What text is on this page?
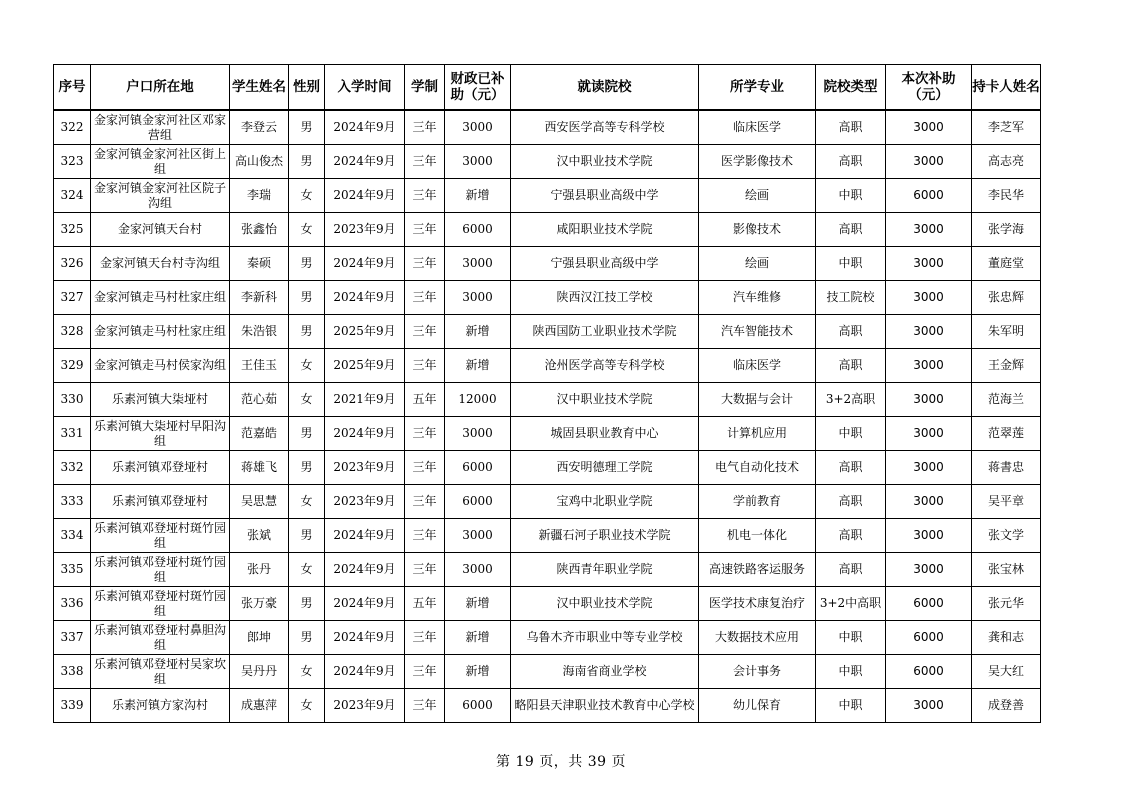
序号	户口所在地	学生姓名	性别	入学时间	学制	财政已补助（元）	就读院校	所学专业	院校类型	本次补助（元）	持卡人姓名
322	金家河镇金家河社区邓家营组	李登云	男	2024年9月	三年	3000	西安医学高等专科学校	临床医学	高职	3000	李芝军
323	金家河镇金家河社区街上组	高山俊杰	男	2024年9月	三年	3000	汉中职业技术学院	医学影像技术	高职	3000	高志亮
324	金家河镇金家河社区院子沟组	李瑞	女	2024年9月	三年	新增	宁强县职业高级中学	绘画	中职	6000	李民华
325	金家河镇天台村	张鑫怡	女	2023年9月	三年	6000	咸阳职业技术学院	影像技术	高职	3000	张学海
326	金家河镇天台村寺沟组	秦硕	男	2024年9月	三年	3000	宁强县职业高级中学	绘画	中职	3000	董庭堂
327	金家河镇走马村杜家庄组	李新科	男	2024年9月	三年	3000	陕西汉江技工学校	汽车维修	技工院校	3000	张忠辉
328	金家河镇走马村杜家庄组	朱浩银	男	2025年9月	三年	新增	陕西国防工业职业技术学院	汽车智能技术	高职	3000	朱军明
329	金家河镇走马村侯家沟组	王佳玉	女	2025年9月	三年	新增	沧州医学高等专科学校	临床医学	高职	3000	王金辉
330	乐素河镇大柒垭村	范心茹	女	2021年9月	五年	12000	汉中职业技术学院	大数据与会计	3+2高职	3000	范海兰
331	乐素河镇大柒垭村早阳沟组	范嘉皓	男	2024年9月	三年	3000	城固县职业教育中心	计算机应用	中职	3000	范翠莲
332	乐素河镇邓登垭村	蒋雄飞	男	2023年9月	三年	6000	西安明德理工学院	电气自动化技术	高职	3000	蒋書忠
333	乐素河镇邓登垭村	吴思慧	女	2023年9月	三年	6000	宝鸡中北职业学院	学前教育	高职	3000	吴平章
334	乐素河镇邓登垭村斑竹园组	张斌	男	2024年9月	三年	3000	新疆石河子职业技术学院	机电一体化	高职	3000	张文学
335	乐素河镇邓登垭村斑竹园组	张丹	女	2024年9月	三年	3000	陕西青年职业学院	高速铁路客运服务	高职	3000	张宝林
336	乐素河镇邓登垭村斑竹园组	张万豪	男	2024年9月	五年	新增	汉中职业技术学院	医学技术康复治疗	3+2中高职	6000	张元华
337	乐素河镇邓登垭村鼻胆沟组	郎坤	男	2024年9月	三年	新增	乌鲁木齐市职业中等专业学校	大数据技术应用	中职	6000	龚和志
338	乐素河镇邓登垭村吴家坎组	吴丹丹	女	2024年9月	三年	新增	海南省商业学校	会计事务	中职	6000	吴大红
339	乐素河镇方家沟村	成惠萍	女	2023年9月	三年	6000	略阳县天津职业技术教育中心学校	幼儿保育	中职	3000	成登善
第 19 页，共 39 页
